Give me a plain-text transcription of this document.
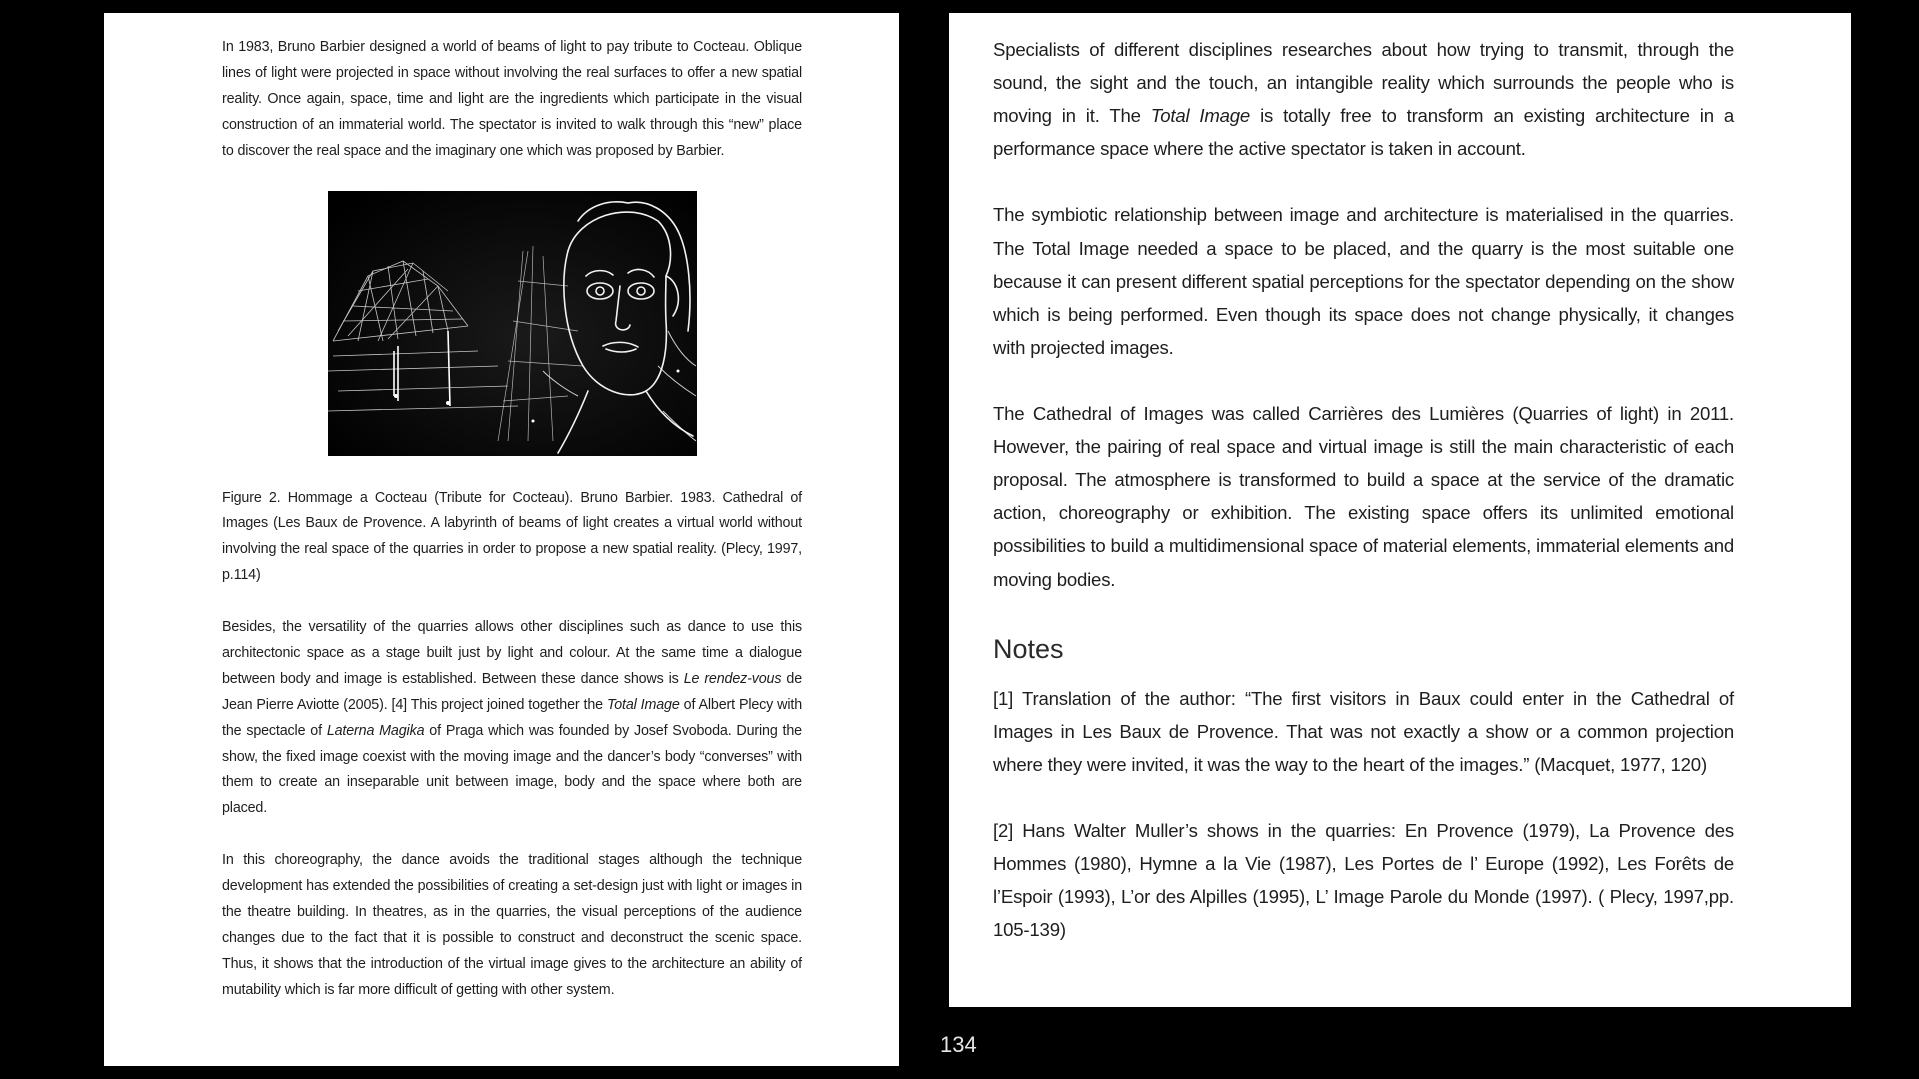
In 1983, Bruno Barbier designed a world of beams of light to pay tribute to Cocteau. Oblique lines of light were projected in space without involving the real surfaces to offer a new spatial reality. Once again, space, time and light are the ingredients which participate in the visual construction of an immaterial world. The spectator is invited to walk through this “new” place to discover the real space and the imaginary one which was proposed by Barbier.

Figure 2. Hommage a Cocteau (Tribute for Cocteau). Bruno Barbier. 1983. Cathedral of Images (Les Baux de Provence. A labyrinth of beams of light creates a virtual world without involving the real space of the quarries in order to propose a new spatial reality. (Plecy, 1997, p.114)

Besides, the versatility of the quarries allows other disciplines such as dance to use this architectonic space as a stage built just by light and colour. At the same time a dialogue between body and image is established. Between these dance shows is Le rendez-vous de Jean Pierre Aviotte (2005). [4] This project joined together the Total Image of Albert Plecy with the spectacle of Laterna Magika of Praga which was founded by Josef Svoboda. During the show, the fixed image coexist with the moving image and the dancer’s body “converses” with them to create an inseparable unit between image, body and the space where both are placed.

In this choreography, the dance avoids the traditional stages although the technique development has extended the possibilities of creating a set-design just with light or images in the theatre building. In theatres, as in the quarries, the visual perceptions of the audience changes due to the fact that it is possible to construct and deconstruct the scenic space. Thus, it shows that the introduction of the virtual image gives to the architecture an ability of mutability which is far more difficult of getting with other system.

Specialists of different disciplines researches about how trying to transmit, through the sound, the sight and the touch, an intangible reality which surrounds the people who is moving in it. The Total Image is totally free to transform an existing architecture in a performance space where the active spectator is taken in account.

The symbiotic relationship between image and architecture is materialised in the quarries. The Total Image needed a space to be placed, and the quarry is the most suitable one because it can present different spatial perceptions for the spectator depending on the show which is being performed. Even though its space does not change physically, it changes with projected images.

The Cathedral of Images was called Carrières des Lumières (Quarries of light) in 2011. However, the pairing of real space and virtual image is still the main characteristic of each proposal. The atmosphere is transformed to build a space at the service of the dramatic action, choreography or exhibition. The existing space offers its unlimited emotional possibilities to build a multidimensional space of material elements, immaterial elements and moving bodies.

Notes

[1] Translation of the author: “The first visitors in Baux could enter in the Cathedral of Images in Les Baux de Provence. That was not exactly a show or a common projection where they were invited, it was the way to the heart of the images.” (Macquet, 1977, 120)

[2] Hans Walter Muller’s shows in the quarries: En Provence (1979), La Provence des Hommes (1980), Hymne a la Vie (1987), Les Portes de l’ Europe (1992), Les Forêts de l’Espoir (1993), L’or des Alpilles (1995), L’ Image Parole du Monde (1997). ( Plecy, 1997,pp. 105-139)

134
